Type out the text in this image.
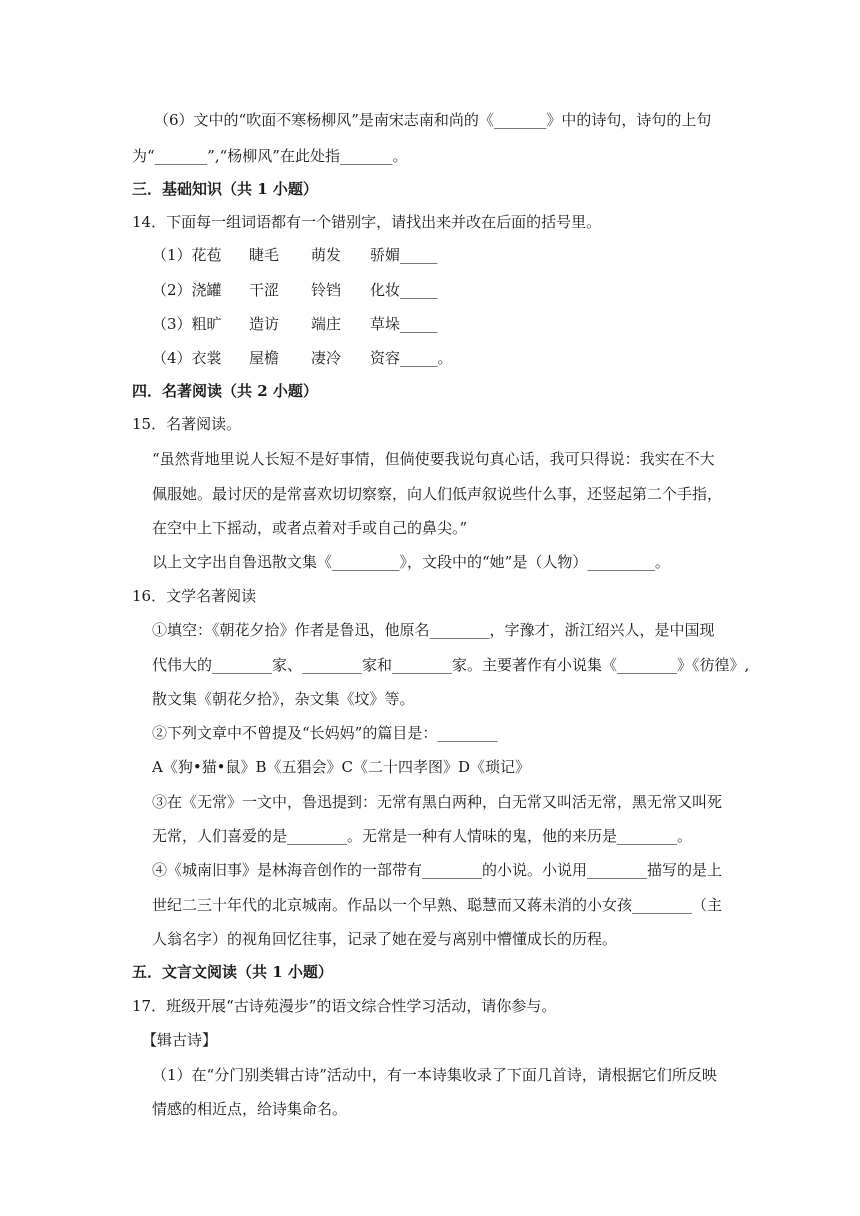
（6）文中的“吹面不寒杨柳风”是南宋志南和尚的《_______》中的诗句，诗句的上句
为“_______”,“杨柳风”在此处指_______。
三．基础知识（共 1 小题）
14．下面每一组词语都有一个错别字，请找出来并改在后面的括号里。
（1）花苞 睫毛 萌发 骄媚_____
（2）浇罐 干涩 铃铛 化妆_____
（3）粗旷 造访 端庄 草垛_____
（4）衣裳 屋檐 凄冷 资容_____。
四．名著阅读（共 2 小题）
15．名著阅读。
“虽然背地里说人长短不是好事情，但倘使要我说句真心话，我可只得说：我实在不大
佩服她。最讨厌的是常喜欢切切察察，向人们低声叙说些什么事，还竖起第二个手指，
在空中上下摇动，或者点着对手或自己的鼻尖。”
以上文字出自鲁迅散文集《_________》，文段中的“她”是（人物）_________。
16．文学名著阅读
①填空：《朝花夕拾》作者是鲁迅，他原名________，字豫才，浙江绍兴人，是中国现
代伟大的________家、________家和________家。主要著作有小说集《________》《彷徨》,
散文集《朝花夕拾》，杂文集《坟》等。
②下列文章中不曾提及“长妈妈”的篇目是：________
A《狗•猫•鼠》B《五猖会》C《二十四孝图》D《琐记》
③在《无常》一文中，鲁迅提到：无常有黑白两种，白无常又叫活无常，黑无常又叫死
无常，人们喜爱的是________。无常是一种有人情味的鬼，他的来历是________。
④《城南旧事》是林海音创作的一部带有________的小说。小说用________描写的是上
世纪二三十年代的北京城南。作品以一个早熟、聪慧而又蒋未消的小女孩________（主
人翁名字）的视角回忆往事，记录了她在爱与离别中懵懂成长的历程。
五．文言文阅读（共 1 小题）
17．班级开展“古诗苑漫步”的语文综合性学习活动，请你参与。
【辑古诗】
（1）在“分门别类辑古诗”活动中，有一本诗集收录了下面几首诗，请根据它们所反映
情感的相近点，给诗集命名。
